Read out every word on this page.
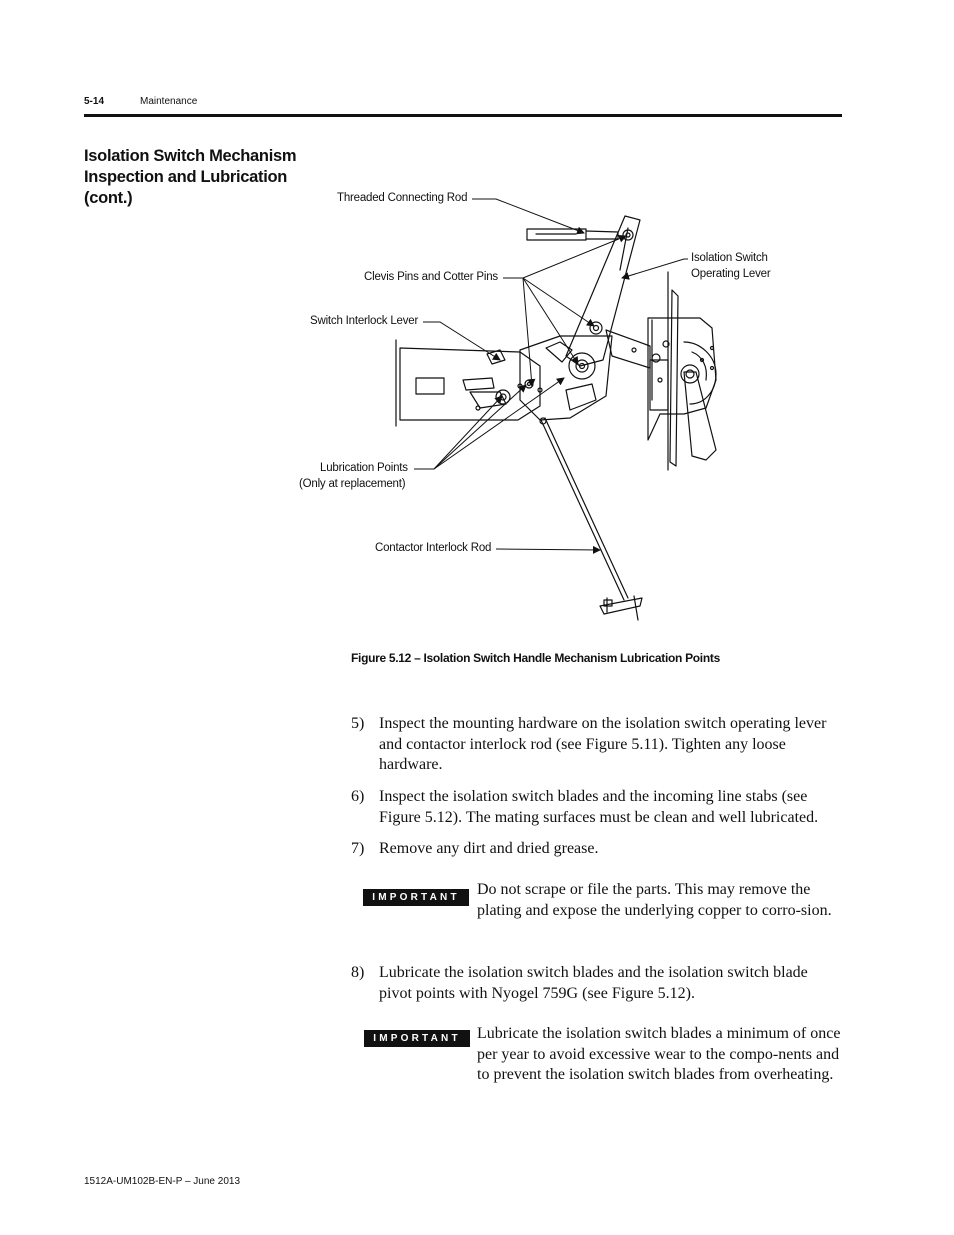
5-14	Maintenance
Isolation Switch Mechanism
Inspection and Lubrication
(cont.)	Threaded Connecting Rod
Clevis Pins and Cotter Pins
Switch Interlock Lever
Lubrication Points
(Only at replacement)
Contactor Interlock Rod
Isolation Switch
Operating Lever
Figure 5.12 – Isolation Switch Handle Mechanism Lubrication Points
5) Inspect the mounting hardware on the isolation switch operating lever and contactor interlock rod (see Figure 5.11). Tighten any loose hardware.
6) Inspect the isolation switch blades and the incoming line stabs (see Figure 5.12). The mating surfaces must be clean and well lubricated.
7) Remove any dirt and dried grease.
IMPORTANT	Do not scrape or file the parts. This may remove the plating and expose the underlying copper to corro-sion.
8) Lubricate the isolation switch blades and the isolation switch blade pivot points with Nyogel 759G (see Figure 5.12).
IMPORTANT	Lubricate the isolation switch blades a minimum of once per year to avoid excessive wear to the compo-nents and to prevent the isolation switch blades from overheating.
1512A-UM102B-EN-P – June 2013
